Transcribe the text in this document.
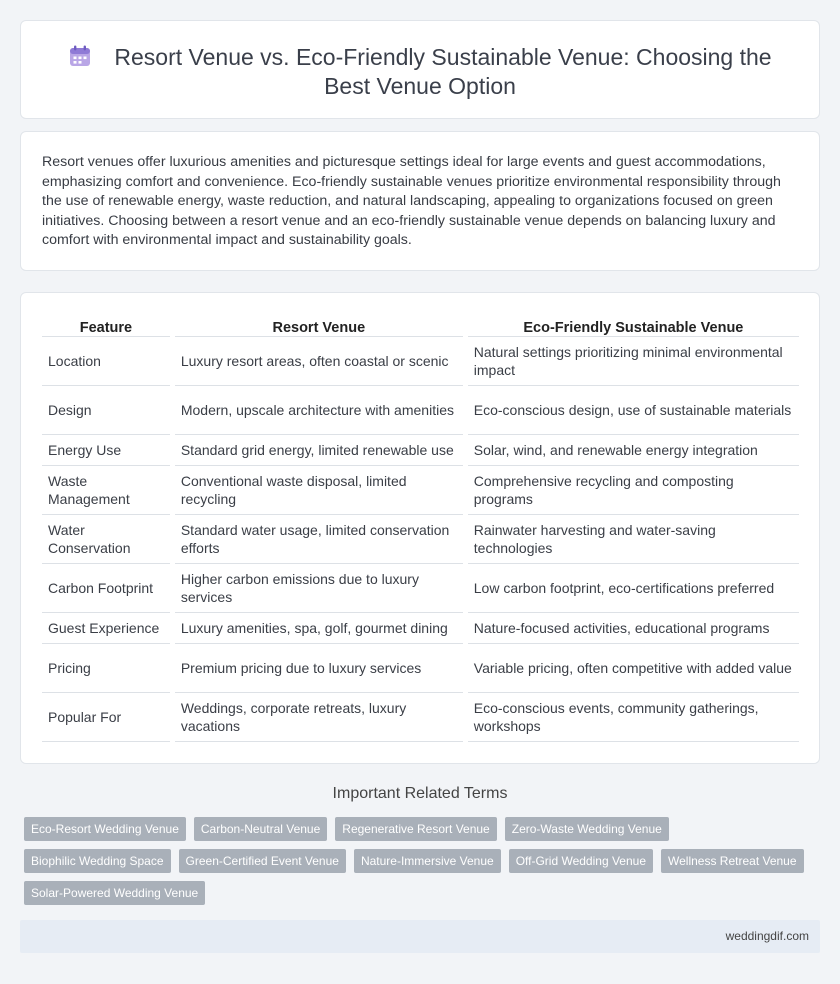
Resort Venue vs. Eco-Friendly Sustainable Venue: Choosing the Best Venue Option
Resort venues offer luxurious amenities and picturesque settings ideal for large events and guest accommodations, emphasizing comfort and convenience. Eco-friendly sustainable venues prioritize environmental responsibility through the use of renewable energy, waste reduction, and natural landscaping, appealing to organizations focused on green initiatives. Choosing between a resort venue and an eco-friendly sustainable venue depends on balancing luxury and comfort with environmental impact and sustainability goals.
Feature	Resort Venue	Eco-Friendly Sustainable Venue
Location	Luxury resort areas, often coastal or scenic	Natural settings prioritizing minimal environmental impact
Design	Modern, upscale architecture with amenities	Eco-conscious design, use of sustainable materials
Energy Use	Standard grid energy, limited renewable use	Solar, wind, and renewable energy integration
Waste Management	Conventional waste disposal, limited recycling	Comprehensive recycling and composting programs
Water Conservation	Standard water usage, limited conservation efforts	Rainwater harvesting and water-saving technologies
Carbon Footprint	Higher carbon emissions due to luxury services	Low carbon footprint, eco-certifications preferred
Guest Experience	Luxury amenities, spa, golf, gourmet dining	Nature-focused activities, educational programs
Pricing	Premium pricing due to luxury services	Variable pricing, often competitive with added value
Popular For	Weddings, corporate retreats, luxury vacations	Eco-conscious events, community gatherings, workshops
Important Related Terms
Eco-Resort Wedding Venue	Carbon-Neutral Venue	Regenerative Resort Venue	Zero-Waste Wedding Venue
Biophilic Wedding Space	Green-Certified Event Venue	Nature-Immersive Venue	Off-Grid Wedding Venue	Wellness Retreat Venue
Solar-Powered Wedding Venue
weddingdif.com
